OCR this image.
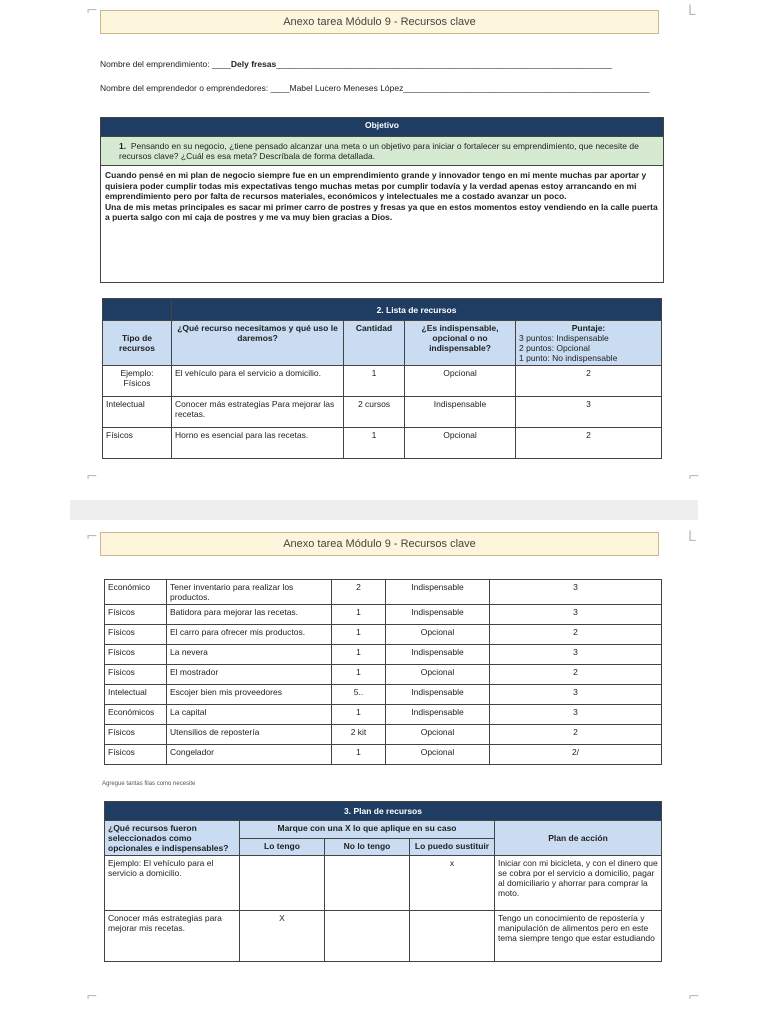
⌐	L
Anexo tarea Módulo 9 - Recursos clave
Nombre del emprendimiento: ____Dely fresas_______________________________________________________________________
Nombre del emprendedor o emprendedores: ____Mabel Lucero Meneses López____________________________________________________
Objetivo
1. Pensando en su negocio, ¿tiene pensado alcanzar una meta o un objetivo para iniciar o fortalecer su emprendimiento, que necesite de recursos clave? ¿Cuál es esa meta? Descríbala de forma detallada.

Cuando pensé en mi plan de negocio siempre fue en un emprendimiento grande y innovador tengo en mi mente muchas par aportar y quisiera poder cumplir todas mis expectativas tengo muchas metas por cumplir todavía y la verdad apenas estoy arrancando en mi emprendimiento pero por falta de recursos materiales, económicos y intelectuales me a costado avanzar un poco.
Una de mis metas principales es sacar mi primer carro de postres y fresas ya que en estos momentos estoy vendiendo en la calle puerta a puerta salgo con mi caja de postres y me va muy bien gracias a Dios.
	2. Lista de recursos			
Tipo de recursos	¿Qué recurso necesitamos y qué uso le daremos?	Cantidad	¿Es indispensable, opcional o no indispensable?	Puntaje:
3 puntos: Indispensable
2 puntos: Opcional
1 punto: No indispensable

Ejemplo: Físicos	El vehículo para el servicio a domicilio.	1	Opcional	2
Intelectual	Conocer más estrategias Para mejorar las recetas.	2 cursos	Indispensable	3
Físicos	Horno es esencial para las recetas.	1	Opcional	2
⌐	⌐
⌐	L
Anexo tarea Módulo 9 - Recursos clave
Económico	Tener inventario para realizar los productos.	2	Indispensable	3
Físicos	Batidora para mejorar las recetas.	1	Indispensable	3
Físicos	El carro para ofrecer mis productos.	1	Opcional	2
Físicos	La nevera	1	Indispensable	3
Físicos	El mostrador	1	Opcional	2
Intelectual	Escojer bien mis proveedores	5..	Indispensable	3
Económicos	La capital	1	Indispensable	3
Físicos	Utensilios de repostería	2 kit	Opcional	2
Físicos	Congelador	1	Opcional	2/
Agregue tantas filas como necesite
3. Plan de recursos				
¿Qué recursos fueron seleccionados como opcionales e indispensables?	Marque con una X lo que aplique en su caso			Plan de acción
	Lo tengo	No lo tengo	Lo puedo sustituir	
Ejemplo: El vehículo para el servicio a domicilio.			x	Iniciar con mi bicicleta, y con el dinero que se cobra por el servicio a domicilio, pagar al domiciliario y ahorrar para comprar la moto.
Conocer más estrategias para mejorar mis recetas.	X			Tengo un conocimiento de repostería y manipulación de alimentos pero en este tema siempre tengo que estar estudiando
⌐	⌐
